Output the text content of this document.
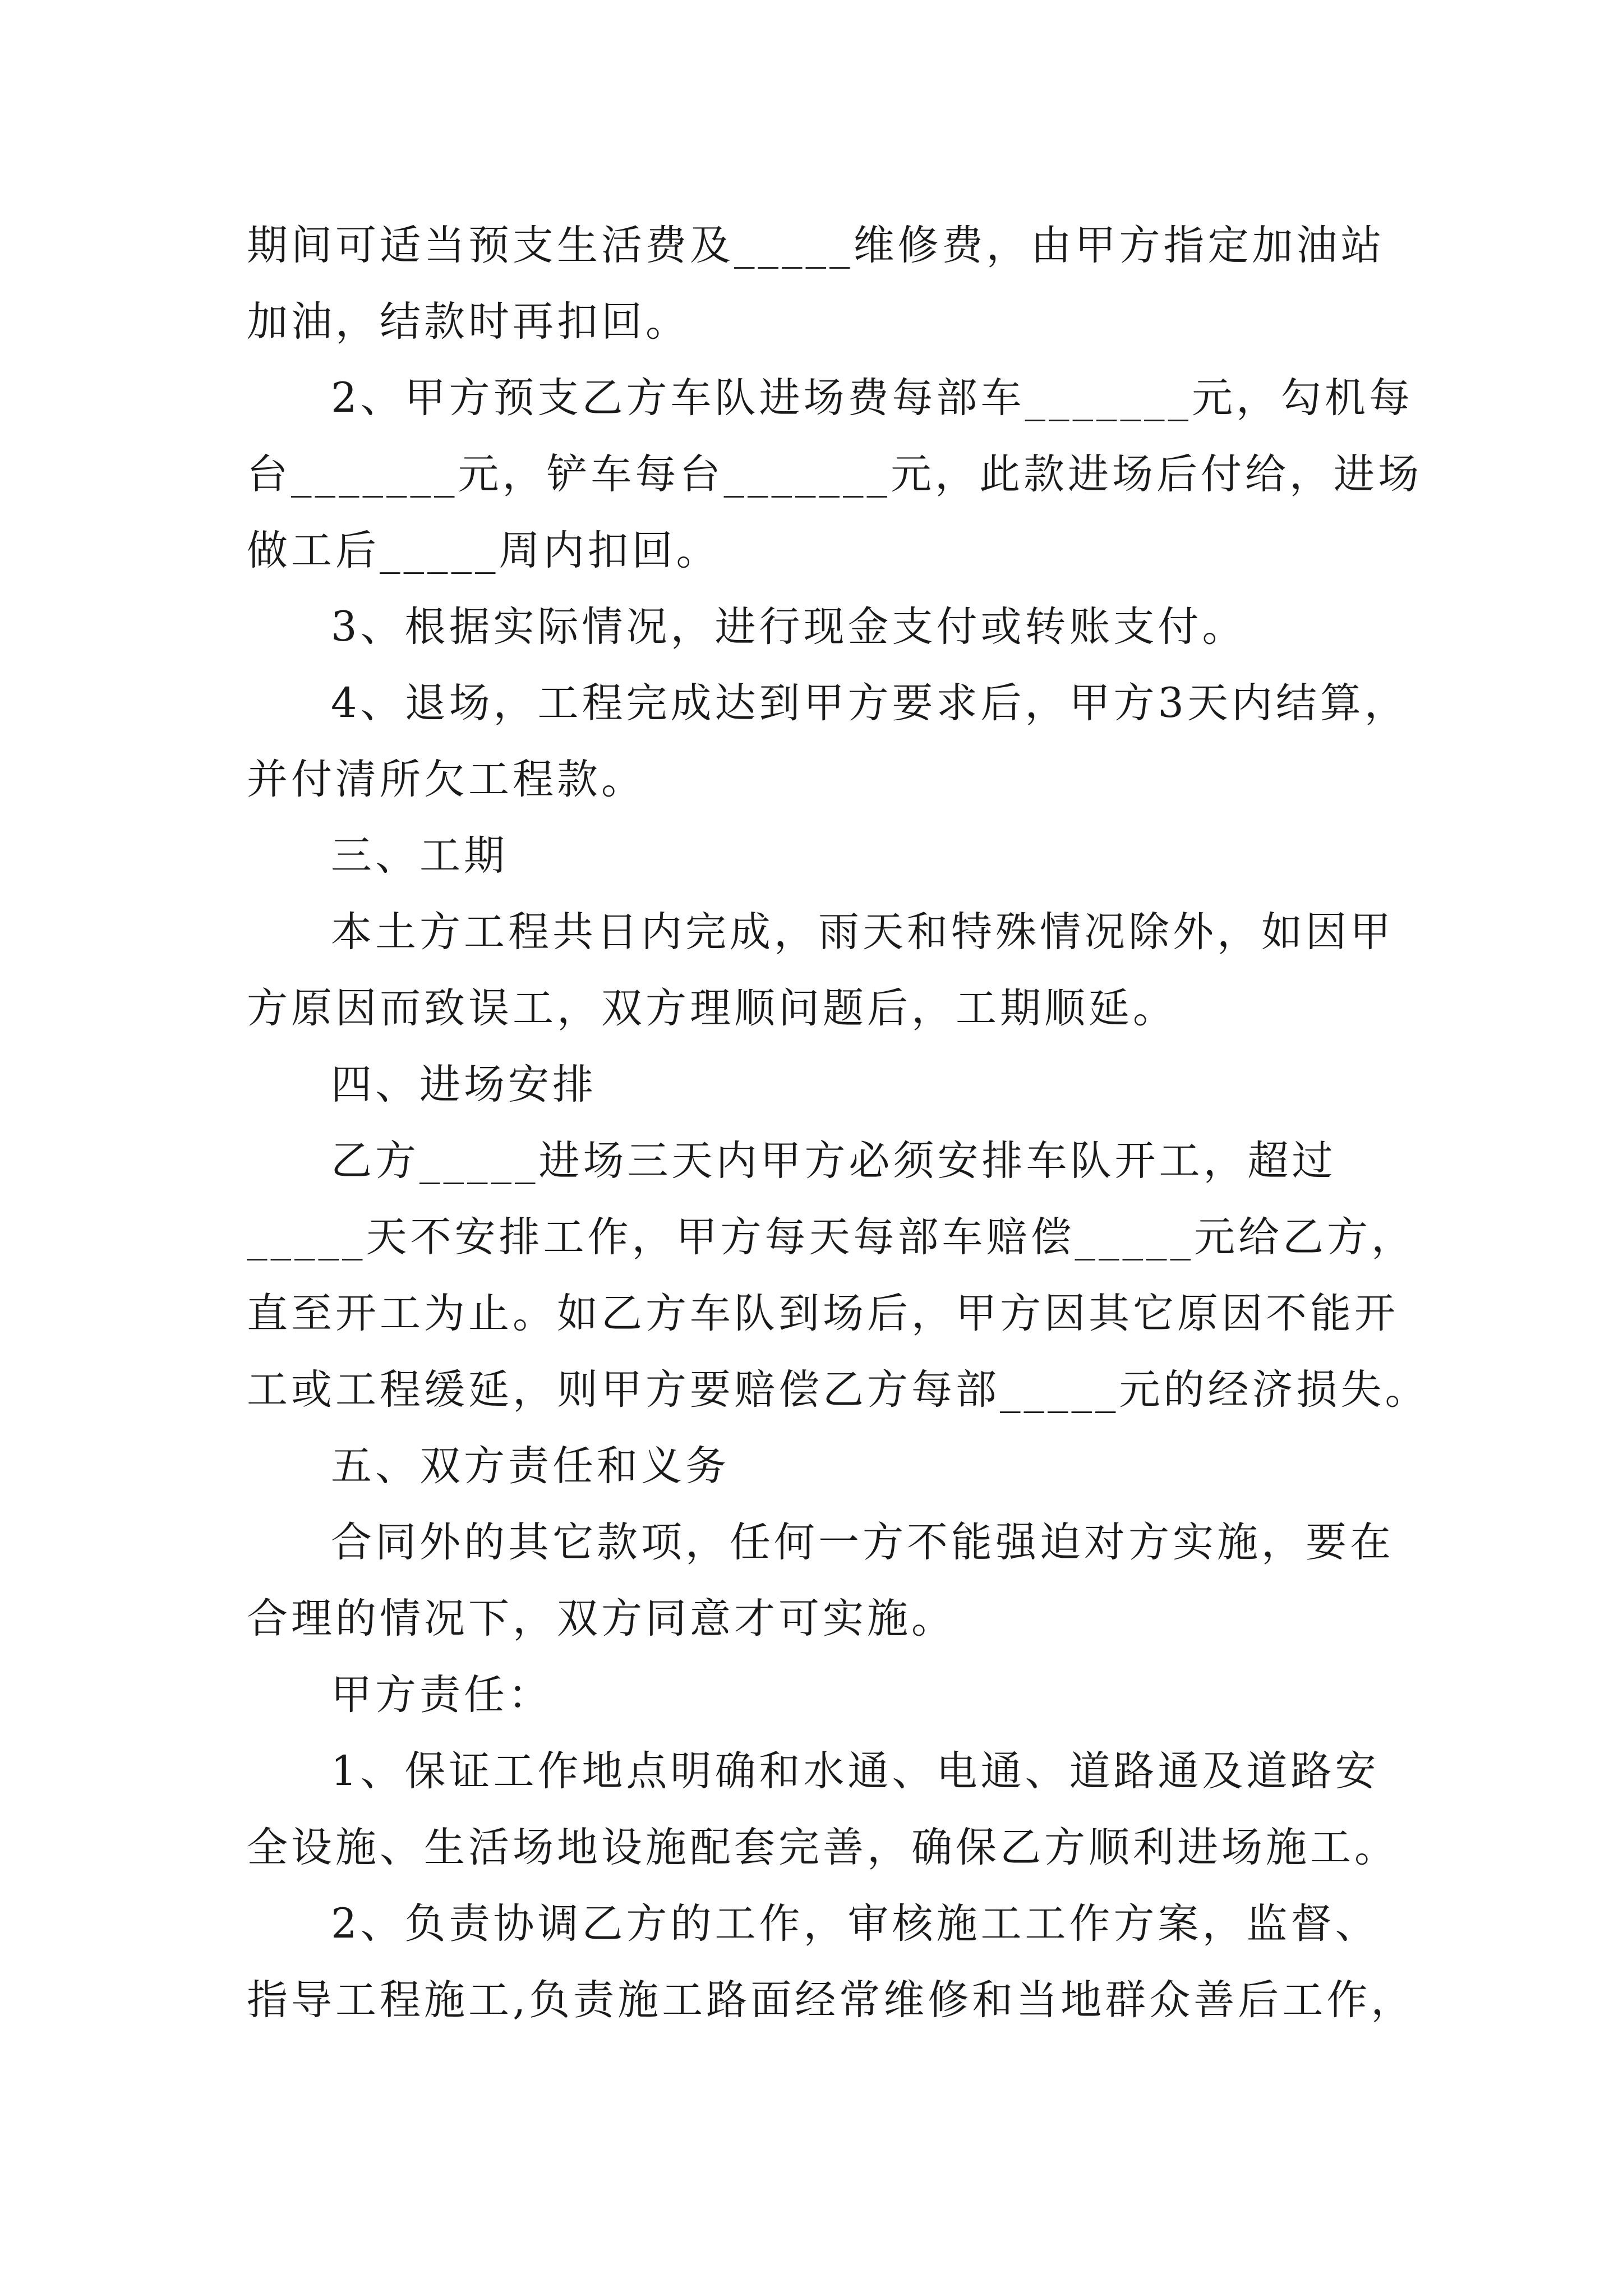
期间可适当预支生活费及_____维修费，由甲方指定加油站
加油，结款时再扣回。
2、甲方预支乙方车队进场费每部车_______元，勾机每
台_______元，铲车每台_______元，此款进场后付给，进场
做工后_____周内扣回。
3、根据实际情况，进行现金支付或转账支付。
4、退场，工程完成达到甲方要求后，甲方3天内结算，
并付清所欠工程款。
三、工期
本土方工程共日内完成，雨天和特殊情况除外，如因甲
方原因而致误工，双方理顺问题后，工期顺延。
四、进场安排
乙方_____进场三天内甲方必须安排车队开工，超过
_____天不安排工作，甲方每天每部车赔偿_____元给乙方，
直至开工为止。如乙方车队到场后，甲方因其它原因不能开
工或工程缓延，则甲方要赔偿乙方每部_____元的经济损失。
五、双方责任和义务
合同外的其它款项，任何一方不能强迫对方实施，要在
合理的情况下，双方同意才可实施。
甲方责任：
1、保证工作地点明确和水通、电通、道路通及道路安
全设施、生活场地设施配套完善，确保乙方顺利进场施工。
2、负责协调乙方的工作，审核施工工作方案，监督、
指导工程施工,负责施工路面经常维修和当地群众善后工作，
